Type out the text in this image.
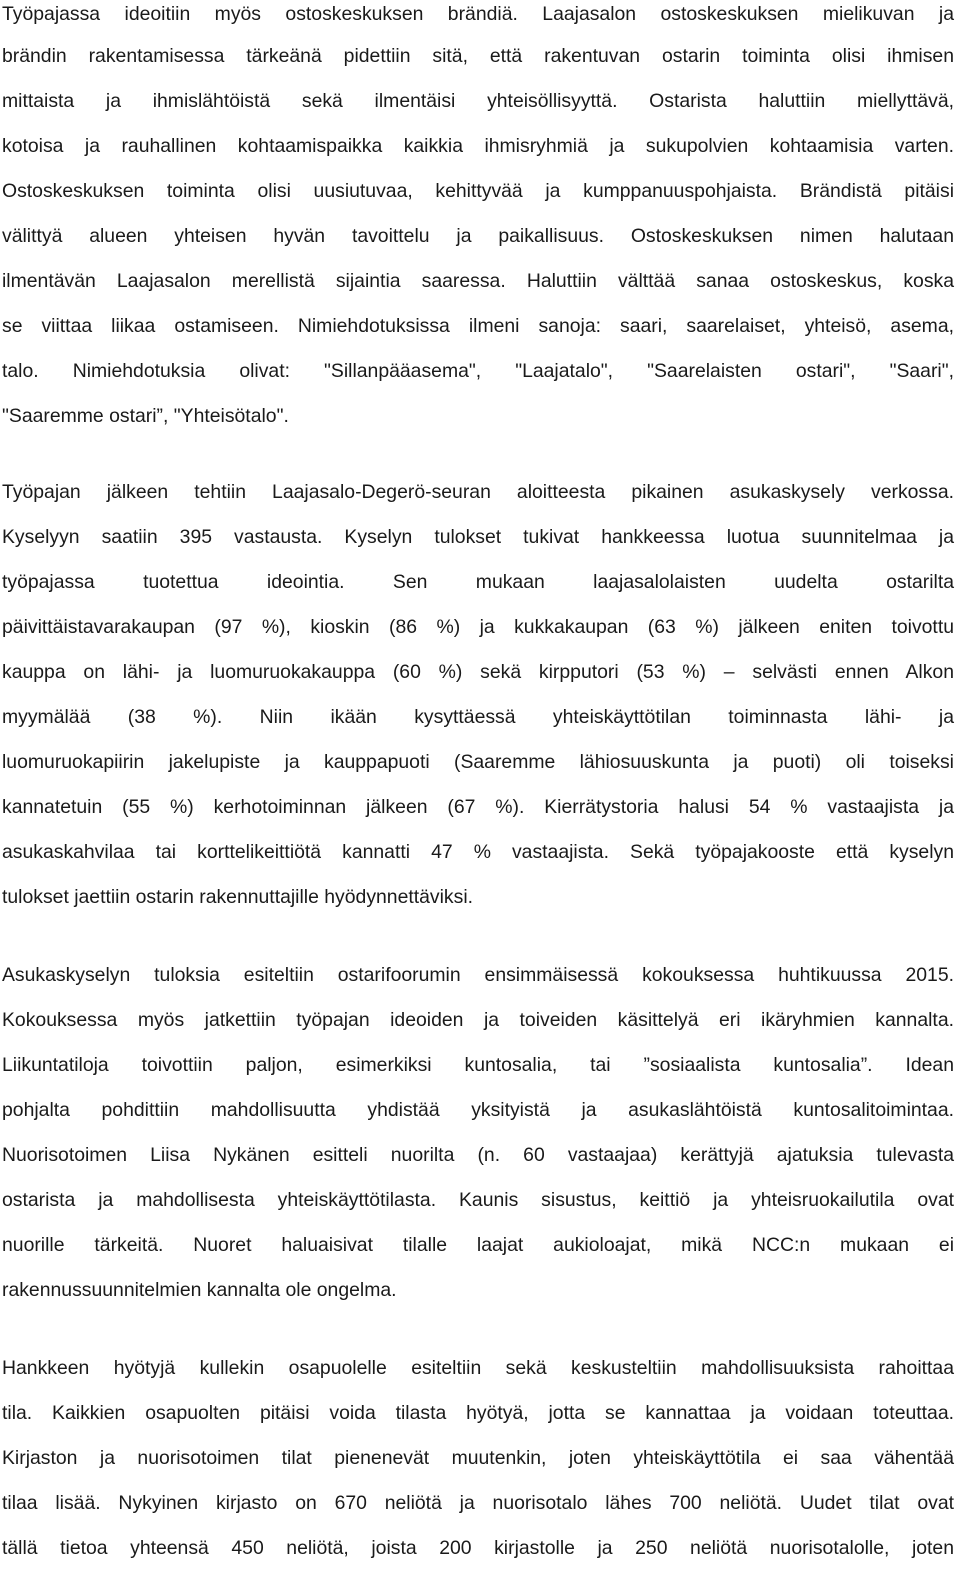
Työpajassa ideoitiin myös ostoskeskuksen brändiä. Laajasalon ostoskeskuksen mielikuvan ja
brändin rakentamisessa tärkeänä pidettiin sitä, että rakentuvan ostarin toiminta olisi ihmisen
mittaista ja ihmislähtöistä sekä ilmentäisi yhteisöllisyyttä. Ostarista haluttiin miellyttävä,
kotoisa ja rauhallinen kohtaamispaikka kaikkia ihmisryhmiä ja sukupolvien kohtaamisia varten.
Ostoskeskuksen toiminta olisi uusiutuvaa, kehittyvää ja kumppanuuspohjaista. Brändistä pitäisi
välittyä alueen yhteisen hyvän tavoittelu ja paikallisuus. Ostoskeskuksen nimen halutaan
ilmentävän Laajasalon merellistä sijaintia saaressa. Haluttiin välttää sanaa ostoskeskus, koska
se viittaa liikaa ostamiseen. Nimiehdotuksissa ilmeni sanoja: saari, saarelaiset, yhteisö, asema,
talo. Nimiehdotuksia olivat: "Sillanpääasema", "Laajatalo", "Saarelaisten ostari", "Saari",
"Saaremme ostari”, "Yhteisötalo".
Työpajan jälkeen tehtiin Laajasalo-Degerö-seuran aloitteesta pikainen asukaskysely verkossa.
Kyselyyn saatiin 395 vastausta. Kyselyn tulokset tukivat hankkeessa luotua suunnitelmaa ja
työpajassa tuotettua ideointia. Sen mukaan laajasalolaisten uudelta ostarilta
päivittäistavarakaupan (97 %), kioskin (86 %) ja kukkakaupan (63 %) jälkeen eniten toivottu
kauppa on lähi- ja luomuruokakauppa (60 %) sekä kirpputori (53 %) – selvästi ennen Alkon
myymälää (38 %). Niin ikään kysyttäessä yhteiskäyttötilan toiminnasta lähi- ja
luomuruokapiirin jakelupiste ja kauppapuoti (Saaremme lähiosuuskunta ja puoti) oli toiseksi
kannatetuin (55 %) kerhotoiminnan jälkeen (67 %). Kierrätystoria halusi 54 % vastaajista ja
asukaskahvilaa tai korttelikeittiötä kannatti 47 % vastaajista. Sekä työpajakooste että kyselyn
tulokset jaettiin ostarin rakennuttajille hyödynnettäviksi.
Asukaskyselyn tuloksia esiteltiin ostarifoorumin ensimmäisessä kokouksessa huhtikuussa 2015.
Kokouksessa myös jatkettiin työpajan ideoiden ja toiveiden käsittelyä eri ikäryhmien kannalta.
Liikuntatiloja toivottiin paljon, esimerkiksi kuntosalia, tai ”sosiaalista kuntosalia”. Idean
pohjalta pohdittiin mahdollisuutta yhdistää yksityistä ja asukaslähtöistä kuntosalitoimintaa.
Nuorisotoimen Liisa Nykänen esitteli nuorilta (n. 60 vastaajaa) kerättyjä ajatuksia tulevasta
ostarista ja mahdollisesta yhteiskäyttötilasta. Kaunis sisustus, keittiö ja yhteisruokailutila ovat
nuorille tärkeitä. Nuoret haluaisivat tilalle laajat aukioloajat, mikä NCC:n mukaan ei
rakennussuunnitelmien kannalta ole ongelma.
Hankkeen hyötyjä kullekin osapuolelle esiteltiin sekä keskusteltiin mahdollisuuksista rahoittaa
tila. Kaikkien osapuolten pitäisi voida tilasta hyötyä, jotta se kannattaa ja voidaan toteuttaa.
Kirjaston ja nuorisotoimen tilat pienenevät muutenkin, joten yhteiskäyttötila ei saa vähentää
tilaa lisää. Nykyinen kirjasto on 670 neliötä ja nuorisotalo lähes 700 neliötä. Uudet tilat ovat
tällä tietoa yhteensä 450 neliötä, joista 200 kirjastolle ja 250 neliötä nuorisotalolle, joten
